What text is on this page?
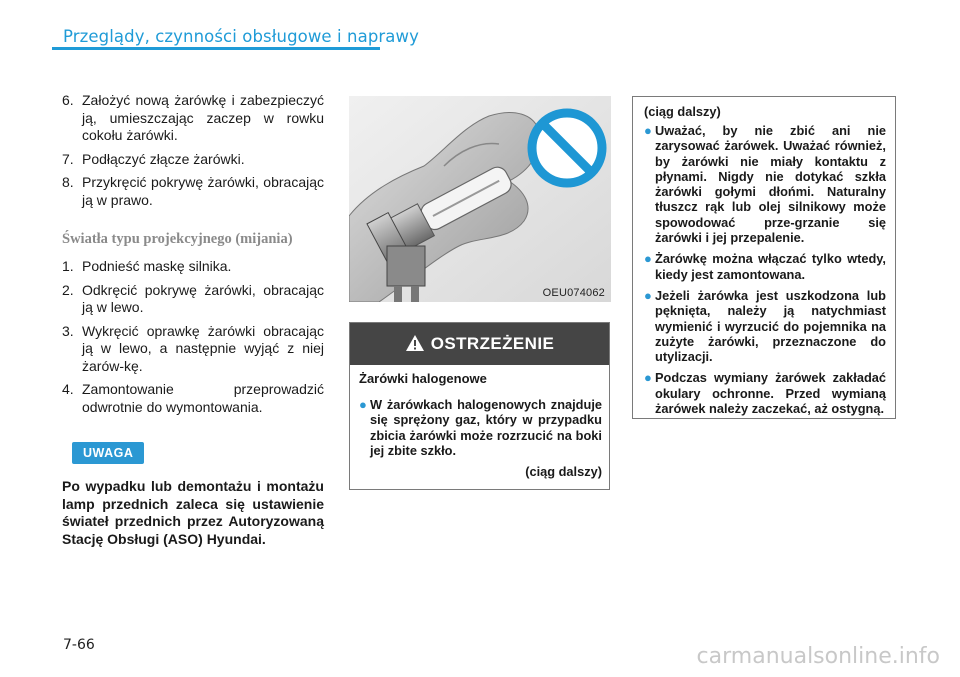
Przeglądy, czynności obsługowe i naprawy
6. Założyć nową żarówkę i zabezpieczyć ją, umieszczając zaczep w rowku cokołu żarówki.
7. Podłączyć złącze żarówki.
8. Przykręcić pokrywę żarówki, obracając ją w prawo.
Światła typu projekcyjnego (mijania)
1. Podnieść maskę silnika.
2. Odkręcić pokrywę żarówki, obracając ją w lewo.
3. Wykręcić oprawkę żarówki obracając ją w lewo, a następnie wyjąć z niej żarów-kę.
4. Zamontowanie przeprowadzić odwrotnie do wymontowania.
UWAGA
Po wypadku lub demontażu i montażu lamp przednich zaleca się ustawienie świateł przednich przez Autoryzowaną Stację Obsługi (ASO) Hyundai.
OEU074062
OSTRZEŻENIE
Żarówki halogenowe
● W żarówkach halogenowych znajduje się sprężony gaz, który w przypadku zbicia żarówki może rozrzucić na boki jej zbite szkło.
(ciąg dalszy)
(ciąg dalszy)
● Uważać, by nie zbić ani nie zarysować żarówek. Uważać również, by żarówki nie miały kontaktu z płynami. Nigdy nie dotykać szkła żarówki gołymi dłońmi. Naturalny tłuszcz rąk lub olej silnikowy może spowodować prze-grzanie się żarówki i jej przepalenie.
● Żarówkę można włączać tylko wtedy, kiedy jest zamontowana.
● Jeżeli żarówka jest uszkodzona lub pęknięta, należy ją natychmiast wymienić i wyrzucić do pojemnika na zużyte żarówki, przeznaczone do utylizacji.
● Podczas wymiany żarówek zakładać okulary ochronne. Przed wymianą żarówek należy zaczekać, aż ostygną.
7-66	carmanualsonline.info
